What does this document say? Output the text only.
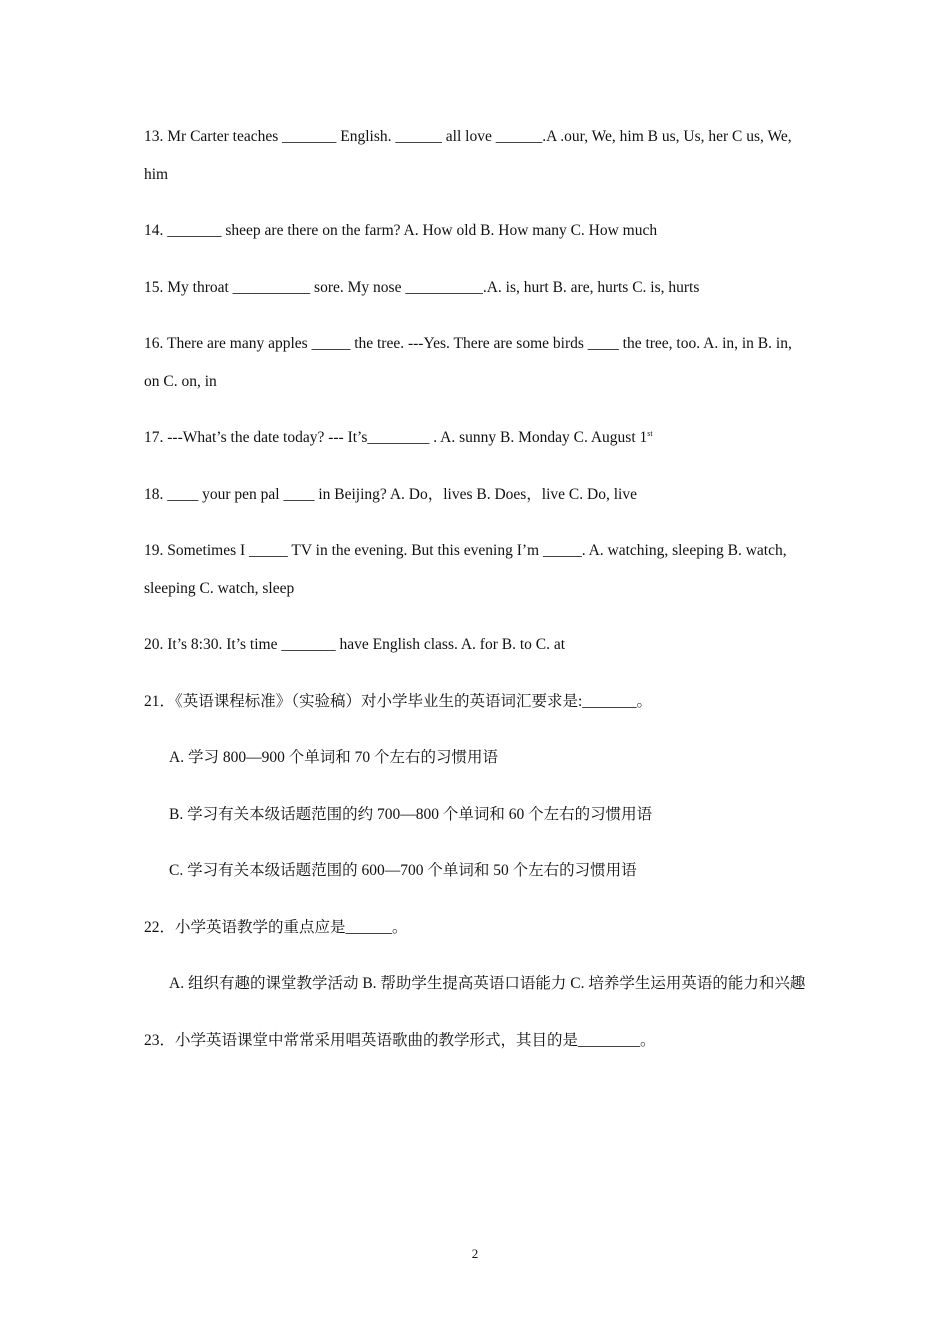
13. Mr Carter teaches _______ English. ______ all love ______.A .our, We, him B us, Us, her C us, We, him

14. _______ sheep are there on the farm? A. How old B. How many C. How much

15. My throat __________ sore. My nose __________.A. is, hurt B. are, hurts C. is, hurts

16. There are many apples _____ the tree. ---Yes. There are some birds ____ the tree, too. A. in, in B. in, on C. on, in

17. ---What’s the date today? --- It’s________ . A. sunny B. Monday C. August 1st

18. ____ your pen pal ____ in Beijing? A. Do，lives B. Does，live C. Do, live

19. Sometimes I _____ TV in the evening. But this evening I’m _____. A. watching, sleeping B. watch, sleeping C. watch, sleep

20. It’s 8:30. It’s time _______ have English class. A. for B. to C. at

21．《英语课程标准》（实验稿）对小学毕业生的英语词汇要求是:_______。

A. 学习 800—900 个单词和 70 个左右的习惯用语

B. 学习有关本级话题范围的约 700—800 个单词和 60 个左右的习惯用语

C. 学习有关本级话题范围的 600—700 个单词和 50 个左右的习惯用语

22．小学英语教学的重点应是______。

A. 组织有趣的课堂教学活动 B. 帮助学生提高英语口语能力 C. 培养学生运用英语的能力和兴趣

23．小学英语课堂中常常采用唱英语歌曲的教学形式，其目的是________。

2
